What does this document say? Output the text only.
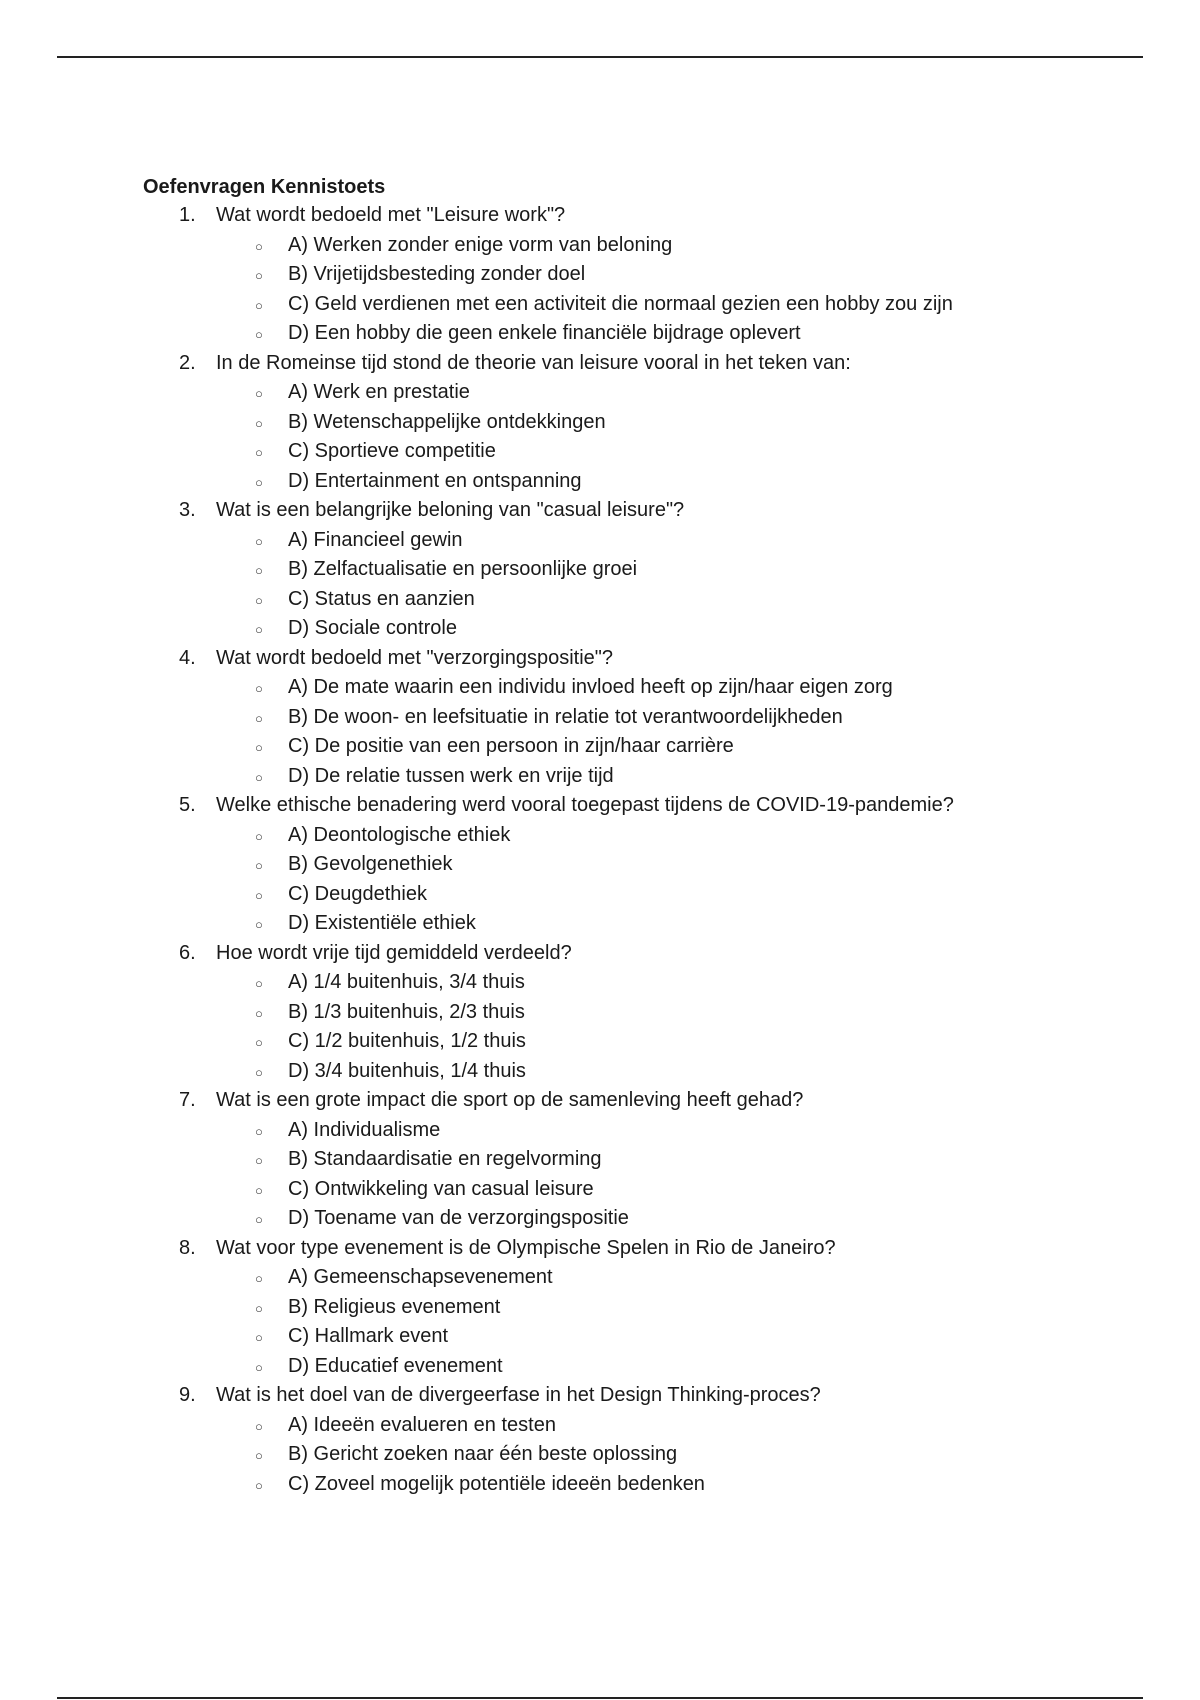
Oefenvragen Kennistoets
1. Wat wordt bedoeld met "Leisure work"?
○ A) Werken zonder enige vorm van beloning
○ B) Vrijetijdsbesteding zonder doel
○ C) Geld verdienen met een activiteit die normaal gezien een hobby zou zijn
○ D) Een hobby die geen enkele financiële bijdrage oplevert
2. In de Romeinse tijd stond de theorie van leisure vooral in het teken van:
○ A) Werk en prestatie
○ B) Wetenschappelijke ontdekkingen
○ C) Sportieve competitie
○ D) Entertainment en ontspanning
3. Wat is een belangrijke beloning van "casual leisure"?
○ A) Financieel gewin
○ B) Zelfactualisatie en persoonlijke groei
○ C) Status en aanzien
○ D) Sociale controle
4. Wat wordt bedoeld met "verzorgingspositie"?
○ A) De mate waarin een individu invloed heeft op zijn/haar eigen zorg
○ B) De woon- en leefsituatie in relatie tot verantwoordelijkheden
○ C) De positie van een persoon in zijn/haar carrière
○ D) De relatie tussen werk en vrije tijd
5. Welke ethische benadering werd vooral toegepast tijdens de COVID-19-pandemie?
○ A) Deontologische ethiek
○ B) Gevolgenethiek
○ C) Deugdethiek
○ D) Existentiële ethiek
6. Hoe wordt vrije tijd gemiddeld verdeeld?
○ A) 1/4 buitenhuis, 3/4 thuis
○ B) 1/3 buitenhuis, 2/3 thuis
○ C) 1/2 buitenhuis, 1/2 thuis
○ D) 3/4 buitenhuis, 1/4 thuis
7. Wat is een grote impact die sport op de samenleving heeft gehad?
○ A) Individualisme
○ B) Standaardisatie en regelvorming
○ C) Ontwikkeling van casual leisure
○ D) Toename van de verzorgingspositie
8. Wat voor type evenement is de Olympische Spelen in Rio de Janeiro?
○ A) Gemeenschapsevenement
○ B) Religieus evenement
○ C) Hallmark event
○ D) Educatief evenement
9. Wat is het doel van de divergeerfase in het Design Thinking-proces?
○ A) Ideeën evalueren en testen
○ B) Gericht zoeken naar één beste oplossing
○ C) Zoveel mogelijk potentiële ideeën bedenken
